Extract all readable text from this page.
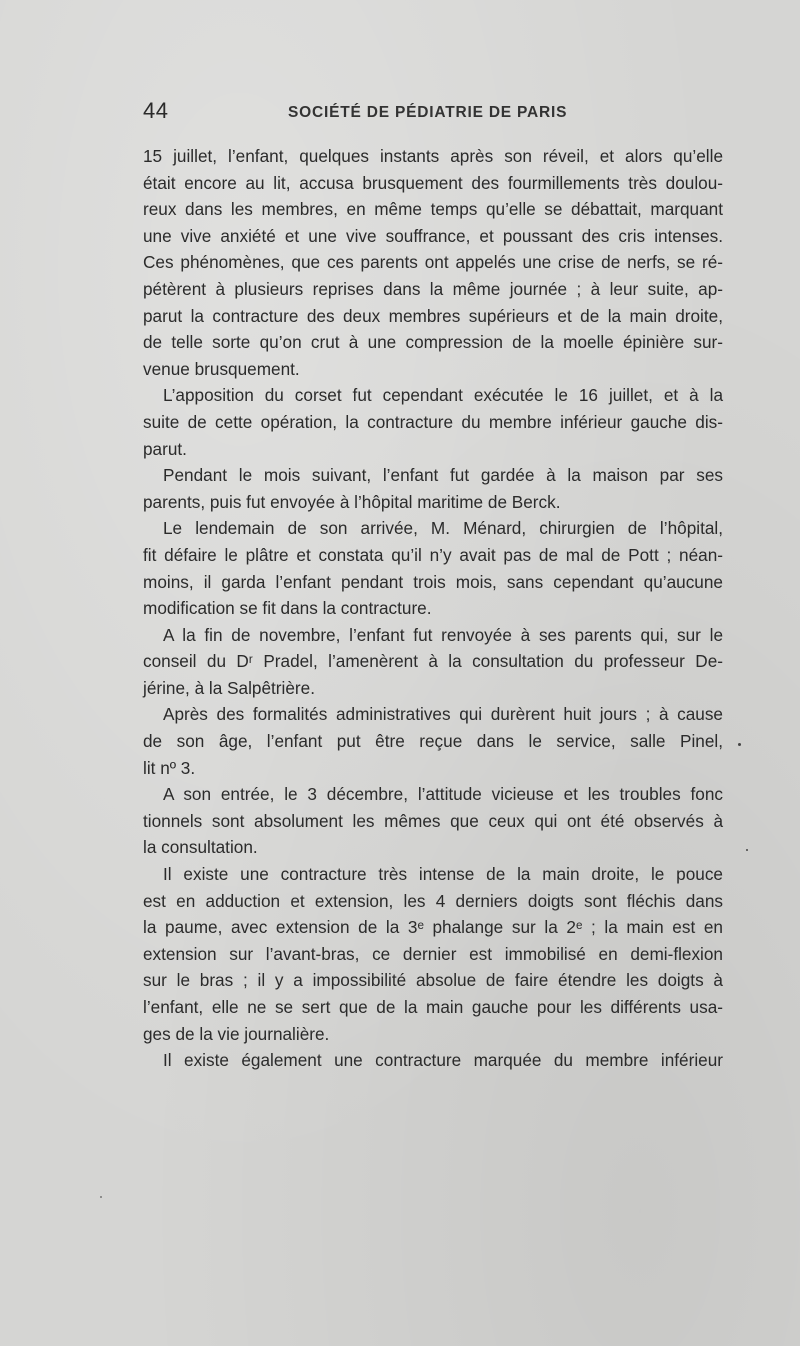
44	SOCIÉTÉ DE PÉDIATRIE DE PARIS
15 juillet, l’enfant, quelques instants après son réveil, et alors qu’elle
était encore au lit, accusa brusquement des fourmillements très doulou-
reux dans les membres, en même temps qu’elle se débattait, marquant
une vive anxiété et une vive souffrance, et poussant des cris intenses.
Ces phénomènes, que ces parents ont appelés une crise de nerfs, se ré-
pétèrent à plusieurs reprises dans la même journée ; à leur suite, ap-
parut la contracture des deux membres supérieurs et de la main droite,
de telle sorte qu’on crut à une compression de la moelle épinière sur-
venue brusquement.
L’apposition du corset fut cependant exécutée le 16 juillet, et à la
suite de cette opération, la contracture du membre inférieur gauche dis-
parut.
Pendant le mois suivant, l’enfant fut gardée à la maison par ses
parents, puis fut envoyée à l’hôpital maritime de Berck.
Le lendemain de son arrivée, M. Ménard, chirurgien de l’hôpital,
fit défaire le plâtre et constata qu’il n’y avait pas de mal de Pott ; néan-
moins, il garda l’enfant pendant trois mois, sans cependant qu’aucune
modification se fit dans la contracture.
A la fin de novembre, l’enfant fut renvoyée à ses parents qui, sur le
conseil du Dʳ Pradel, l’amenèrent à la consultation du professeur De-
jérine, à la Salpêtrière.
Après des formalités administratives qui durèrent huit jours ; à cause
de son âge, l’enfant put être reçue dans le service, salle Pinel,
lit nº 3.
A son entrée, le 3 décembre, l’attitude vicieuse et les troubles fonc
tionnels sont absolument les mêmes que ceux qui ont été observés à
la consultation.
Il existe une contracture très intense de la main droite, le pouce
est en adduction et extension, les 4 derniers doigts sont fléchis dans
la paume, avec extension de la 3ᵉ phalange sur la 2ᵉ ; la main est en
extension sur l’avant-bras, ce dernier est immobilisé en demi-flexion
sur le bras ; il y a impossibilité absolue de faire étendre les doigts à
l’enfant, elle ne se sert que de la main gauche pour les différents usa-
ges de la vie journalière.
Il existe également une contracture marquée du membre inférieur
